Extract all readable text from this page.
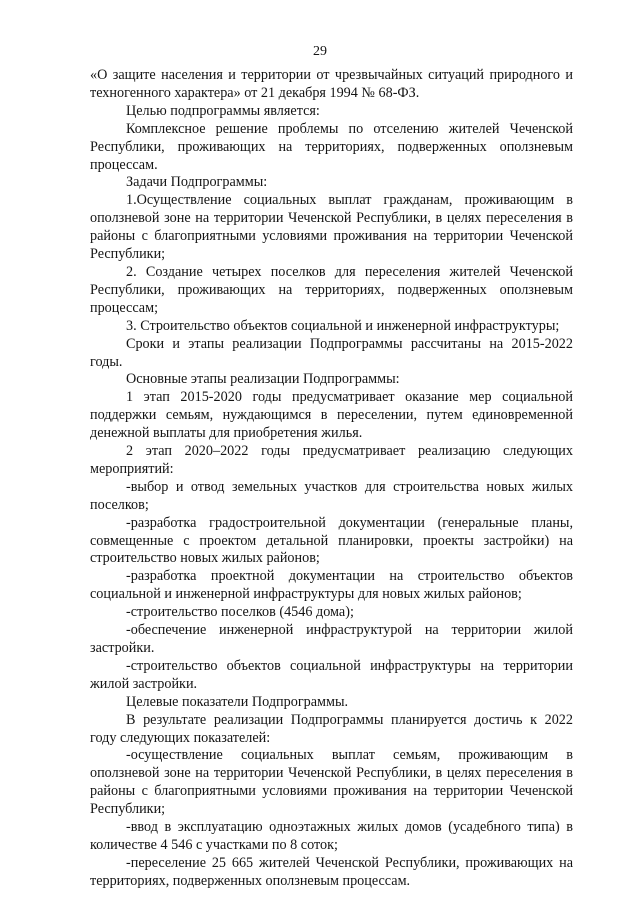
29

«О защите населения и территории от чрезвычайных ситуаций природного и техногенного характера» от 21 декабря 1994 № 68-ФЗ.

Целью подпрограммы является:

Комплексное решение проблемы по отселению жителей Чеченской Республики, проживающих на территориях, подверженных оползневым процессам.

Задачи Подпрограммы:

1.Осуществление социальных выплат гражданам, проживающим в оползневой зоне на территории Чеченской Республики, в целях переселения в районы с благоприятными условиями проживания на территории Чеченской Республики;

2. Создание четырех поселков для переселения жителей Чеченской Республики, проживающих на территориях, подверженных оползневым процессам;

3. Строительство объектов социальной и инженерной инфраструктуры;

Сроки и этапы реализации Подпрограммы рассчитаны на 2015-2022 годы.

Основные этапы реализации Подпрограммы:

1 этап 2015-2020 годы предусматривает оказание мер социальной поддержки семьям, нуждающимся в переселении, путем единовременной денежной выплаты для приобретения жилья.

2 этап 2020–2022 годы предусматривает реализацию следующих мероприятий:

-выбор и отвод земельных участков для строительства новых жилых поселков;

-разработка градостроительной документации (генеральные планы, совмещенные с проектом детальной планировки, проекты застройки) на строительство новых жилых районов;

-разработка проектной документации на строительство объектов социальной и инженерной инфраструктуры для новых жилых районов;

-строительство поселков (4546 дома);

-обеспечение инженерной инфраструктурой на территории жилой застройки.

-строительство объектов социальной инфраструктуры на территории жилой застройки.

Целевые показатели Подпрограммы.

В результате реализации Подпрограммы планируется достичь к 2022 году следующих показателей:

-осуществление социальных выплат семьям, проживающим в оползневой зоне на территории Чеченской Республики, в целях переселения в районы с благоприятными условиями проживания на территории Чеченской Республики;

-ввод в эксплуатацию одноэтажных жилых домов (усадебного типа) в количестве 4 546 с участками по 8 соток;

-переселение 25 665 жителей Чеченской Республики, проживающих на территориях, подверженных оползневым процессам.
